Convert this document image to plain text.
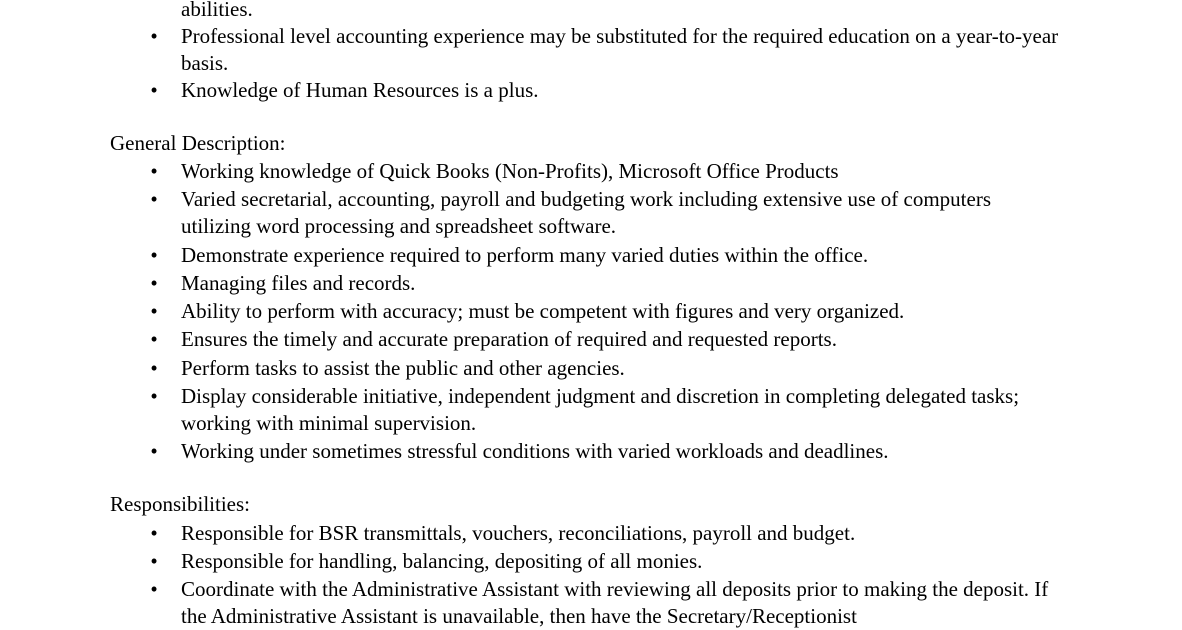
abilities.
• Professional level accounting experience may be substituted for the required education on a year-to-year basis.
• Knowledge of Human Resources is a plus.
General Description:
• Working knowledge of Quick Books (Non-Profits), Microsoft Office Products
• Varied secretarial, accounting, payroll and budgeting work including extensive use of computers utilizing word processing and spreadsheet software.
• Demonstrate experience required to perform many varied duties within the office.
• Managing files and records.
• Ability to perform with accuracy; must be competent with figures and very organized.
• Ensures the timely and accurate preparation of required and requested reports.
• Perform tasks to assist the public and other agencies.
• Display considerable initiative, independent judgment and discretion in completing delegated tasks; working with minimal supervision.
• Working under sometimes stressful conditions with varied workloads and deadlines.
Responsibilities:
• Responsible for BSR transmittals, vouchers, reconciliations, payroll and budget.
• Responsible for handling, balancing, depositing of all monies.
• Coordinate with the Administrative Assistant with reviewing all deposits prior to making the deposit. If the Administrative Assistant is unavailable, then have the Secretary/Receptionist
